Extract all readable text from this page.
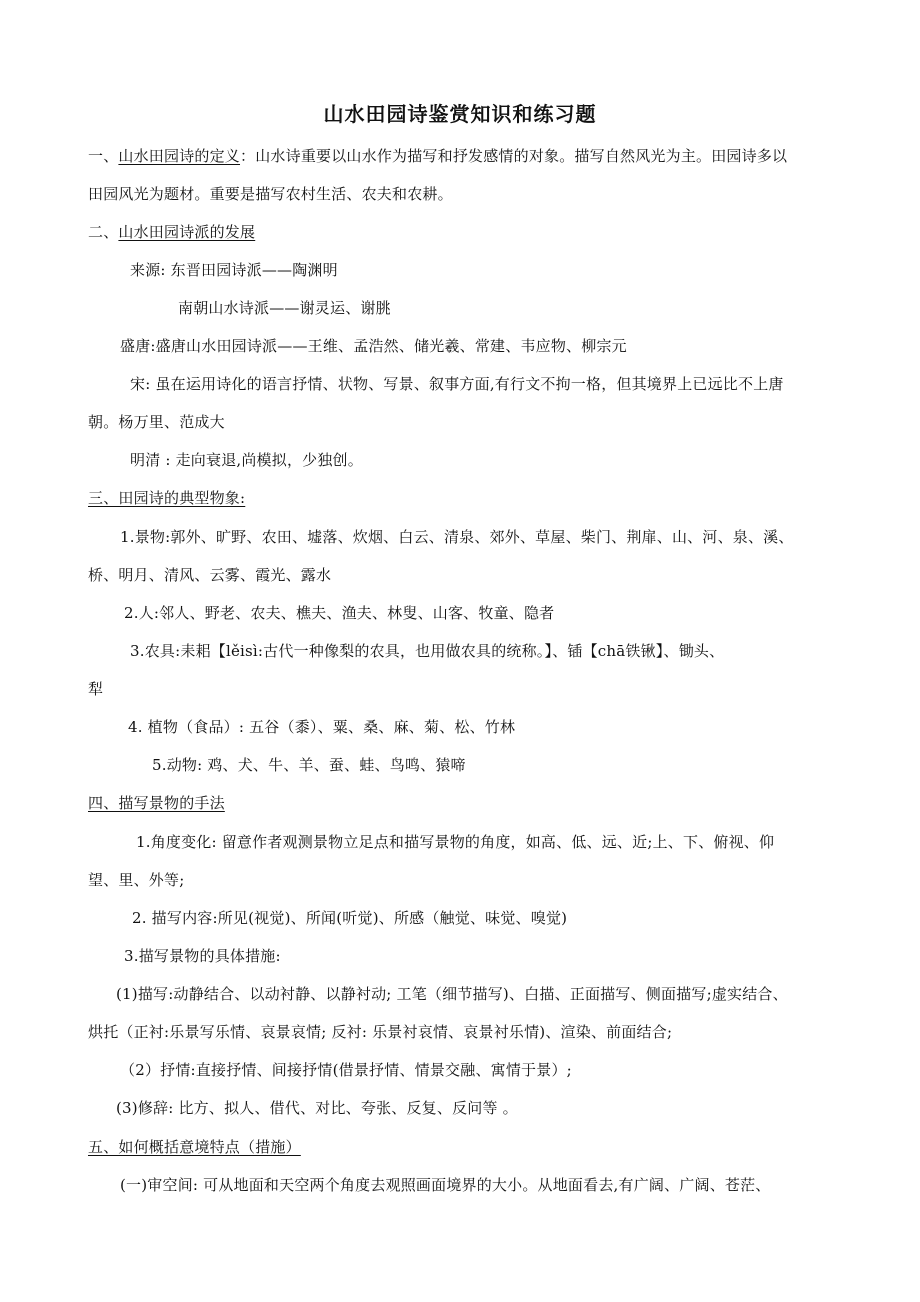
山水田园诗鉴赏知识和练习题
一、山水田园诗的定义：山水诗重要以山水作为描写和抒发感情的对象。描写自然风光为主。田园诗多以
田园风光为题材。重要是描写农村生活、农夫和农耕。
二、山水田园诗派的发展
来源: 东晋田园诗派——陶渊明
南朝山水诗派——谢灵运、谢朓
盛唐:盛唐山水田园诗派——王维、孟浩然、储光羲、常建、韦应物、柳宗元
宋: 虽在运用诗化的语言抒情、状物、写景、叙事方面,有行文不拘一格，但其境界上已远比不上唐
朝。杨万里、范成大
明清 : 走向衰退,尚模拟，少独创。
三、田园诗的典型物象:
1.景物:郭外、旷野、农田、墟落、炊烟、白云、清泉、郊外、草屋、柴门、荆扉、山、河、泉、溪、
桥、明月、清风、云雾、霞光、露水
2.人:邻人、野老、农夫、樵夫、渔夫、林叟、山客、牧童、隐者
3.农具:耒耜【lěisì:古代一种像梨的农具，也用做农具的统称。】、锸【chā铁锹】、锄头、
犁
4. 植物（食品）: 五谷（黍）、粟、桑、麻、菊、松、竹林
5.动物: 鸡、犬、牛、羊、蚕、蛙、鸟鸣、猿啼
四、描写景物的手法
1.角度变化: 留意作者观测景物立足点和描写景物的角度，如高、低、远、近;上、下、俯视、仰
望、里、外等;
2. 描写内容:所见(视觉)、所闻(听觉)、所感（触觉、味觉、嗅觉)
3.描写景物的具体措施:
(1)描写:动静结合、以动衬静、以静衬动; 工笔（细节描写)、白描、正面描写、侧面描写;虚实结合、
烘托（正衬:乐景写乐情、哀景哀情; 反衬: 乐景衬哀情、哀景衬乐情)、渲染、前面结合;
（2）抒情:直接抒情、间接抒情(借景抒情、情景交融、寓情于景）;
(3)修辞: 比方、拟人、借代、对比、夸张、反复、反问等 。
五、如何概括意境特点（措施）
(一)审空间: 可从地面和天空两个角度去观照画面境界的大小。从地面看去,有广阔、广阔、苍茫、
